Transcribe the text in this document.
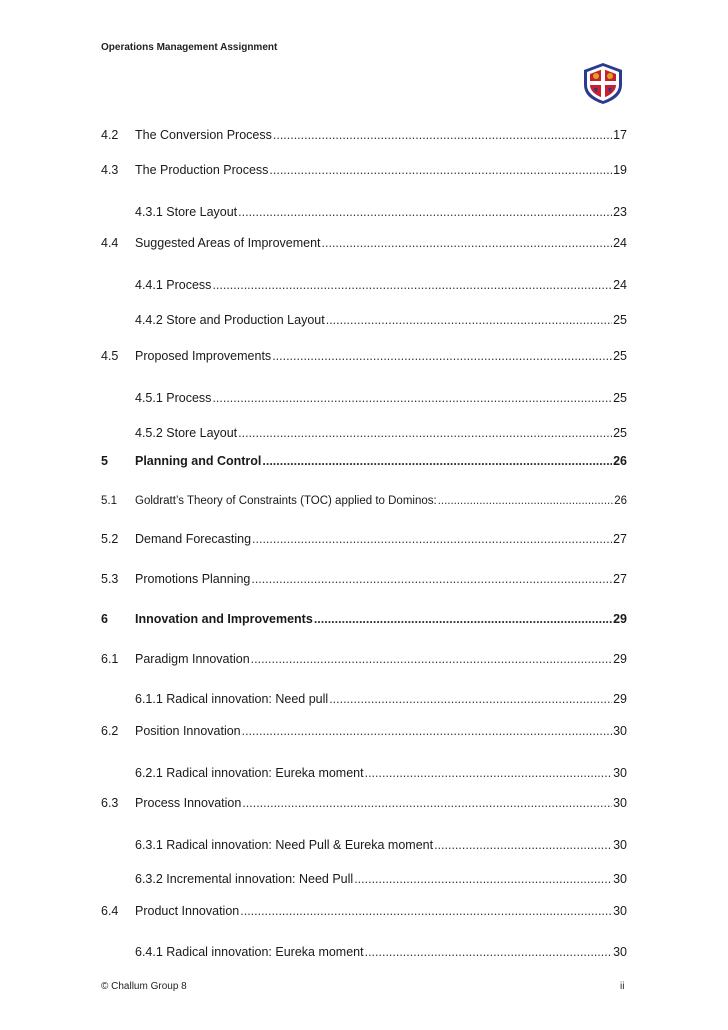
Operations Management Assignment
4.2 The Conversion Process .....	17
4.3 The Production Process .....	19
4.3.1 Store Layout .....	23
4.4 Suggested Areas of Improvement .....	24
4.4.1 Process .....	24
4.4.2 Store and Production Layout .....	25
4.5 Proposed Improvements .....	25
4.5.1 Process .....	25
4.5.2 Store Layout .....	25
5 Planning and Control .....	26
5.1 Goldratt’s Theory of Constraints (TOC) applied to Dominos: .....	26
5.2 Demand Forecasting .....	27
5.3 Promotions Planning .....	27
6 Innovation and Improvements .....	29
6.1 Paradigm Innovation .....	29
6.1.1 Radical innovation: Need pull .....	29
6.2 Position Innovation .....	30
6.2.1 Radical innovation: Eureka moment .....	30
6.3 Process Innovation .....	30
6.3.1 Radical innovation: Need Pull & Eureka moment .....	30
6.3.2 Incremental innovation: Need Pull .....	30
6.4 Product Innovation .....	30
6.4.1 Radical innovation: Eureka moment .....	30
© Challum Group 8	ii
